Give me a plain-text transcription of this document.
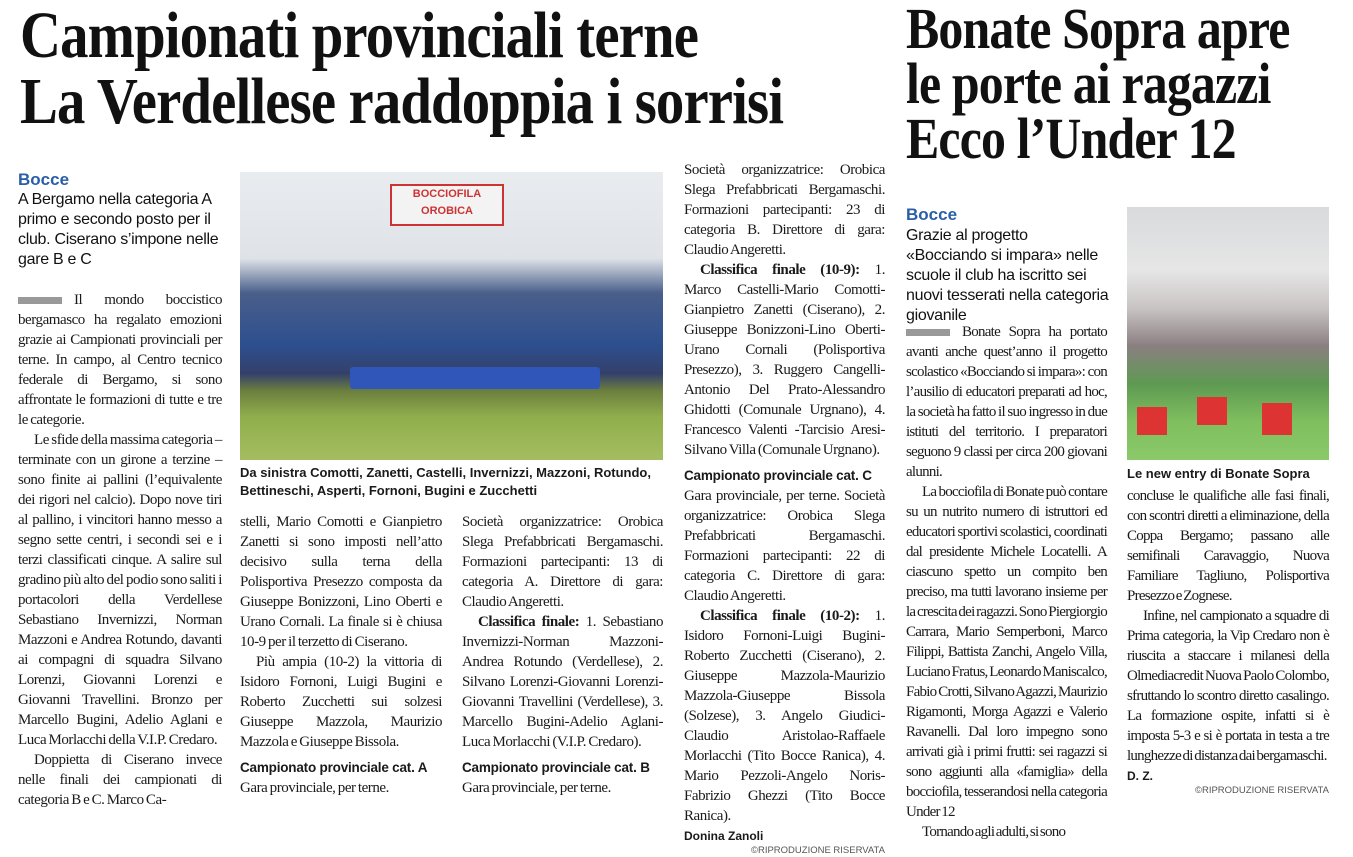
Campionati provinciali terne
La Verdellese raddoppia i sorrisi
Bocce
A Bergamo nella categoria A primo e secondo posto per il club. Ciserano s’impone nelle gare B e C

Il mondo boccistico bergamasco ha regalato emozioni grazie ai Campionati provinciali per terne. In campo, al Centro tecnico federale di Bergamo, si sono affrontate le formazioni di tutte e tre le categorie.

Le sfide della massima categoria – terminate con un girone a terzine – sono finite ai pallini (l’equivalente dei rigori nel calcio). Dopo nove tiri al pallino, i vincitori hanno messo a segno sette centri, i secondi sei e i terzi classificati cinque. A salire sul gradino più alto del podio sono saliti i portacolori della Verdellese Sebastiano Invernizzi, Norman Mazzoni e Andrea Rotundo, davanti ai compagni di squadra Silvano Lorenzi, Giovanni Lorenzi e Giovanni Travellini. Bronzo per Marcello Bugini, Adelio Aglani e Luca Morlacchi della V.I.P. Credaro.

Doppietta di Ciserano invece nelle finali dei campionati di categoria B e C. Marco Ca-

BOCCIOFILA OROBICA
Da sinistra Comotti, Zanetti, Castelli, Invernizzi, Mazzoni, Rotundo, Bettineschi, Asperti, Fornoni, Bugini e Zucchetti

stelli, Mario Comotti e Gianpietro Zanetti si sono imposti nell’atto decisivo sulla terna della Polisportiva Presezzo composta da Giuseppe Bonizzoni, Lino Oberti e Urano Cornali. La finale si è chiusa 10-9 per il terzetto di Ciserano.

Più ampia (10-2) la vittoria di Isidoro Fornoni, Luigi Bugini e Roberto Zucchetti sui solzesi Giuseppe Mazzola, Maurizio Mazzola e Giuseppe Bissola.

Campionato provinciale cat. A

Gara provinciale, per terne.

Società organizzatrice: Orobica Slega Prefabbricati Bergamaschi. Formazioni partecipanti: 13 di categoria A. Direttore di gara: Claudio Angeretti.

Classifica finale: 1. Sebastiano Invernizzi-Norman Mazzoni-Andrea Rotundo (Verdellese), 2. Silvano Lorenzi-Giovanni Lorenzi-Giovanni Travellini (Verdellese), 3. Marcello Bugini-Adelio Aglani-Luca Morlacchi (V.I.P. Credaro).

Campionato provinciale cat. B

Gara provinciale, per terne.

Società organizzatrice: Orobica Slega Prefabbricati Bergamaschi. Formazioni partecipanti: 23 di categoria B. Direttore di gara: Claudio Angeretti.

Classifica finale (10-9): 1. Marco Castelli-Mario Comotti-Gianpietro Zanetti (Ciserano), 2. Giuseppe Bonizzoni-Lino Oberti-Urano Cornali (Polisportiva Presezzo), 3. Ruggero Cangelli-Antonio Del Prato-Alessandro Ghidotti (Comunale Urgnano), 4. Francesco Valenti -Tarcisio Aresi-Silvano Villa (Comunale Urgnano).

Campionato provinciale cat. C

Gara provinciale, per terne. Società organizzatrice: Orobica Slega Prefabbricati Bergamaschi. Formazioni partecipanti: 22 di categoria C. Direttore di gara: Claudio Angeretti.

Classifica finale (10-2): 1. Isidoro Fornoni-Luigi Bugini-Roberto Zucchetti (Ciserano), 2. Giuseppe Mazzola-Maurizio Mazzola-Giuseppe Bissola (Solzese), 3. Angelo Giudici-Claudio Aristolao-Raffaele Morlacchi (Tito Bocce Ranica), 4. Mario Pezzoli-Angelo Noris-Fabrizio Ghezzi (Tito Bocce Ranica).

Donina Zanoli
©RIPRODUZIONE RISERVATA
Bonate Sopra apre
le porte ai ragazzi
Ecco l’Under 12
Bocce
Grazie al progetto «Bocciando si impara» nelle scuole il club ha iscritto sei nuovi tesserati nella categoria giovanile

Bonate Sopra ha portato avanti anche quest’anno il progetto scolastico «Bocciando si impara»: con l’ausilio di educatori preparati ad hoc, la società ha fatto il suo ingresso in due istituti del territorio. I preparatori seguono 9 classi per circa 200 giovani alunni.

La bocciofila di Bonate può contare su un nutrito numero di istruttori ed educatori sportivi scolastici, coordinati dal presidente Michele Locatelli. A ciascuno spetto un compito ben preciso, ma tutti lavorano insieme per la crescita dei ragazzi. Sono Piergiorgio Carrara, Mario Semperboni, Marco Filippi, Battista Zanchi, Angelo Villa, Luciano Fratus, Leonardo Maniscalco, Fabio Crotti, Silvano Agazzi, Maurizio Rigamonti, Morga Agazzi e Valerio Ravanelli. Dal loro impegno sono arrivati già i primi frutti: sei ragazzi si sono aggiunti alla «famiglia» della bocciofila, tesserandosi nella categoria Under 12

Tornando agli adulti, si sono

Le new entry di Bonate Sopra

concluse le qualifiche alle fasi finali, con scontri diretti a eliminazione, della Coppa Bergamo; passano alle semifinali Caravaggio, Nuova Familiare Tagliuno, Polisportiva Presezzo e Zognese.

Infine, nel campionato a squadre di Prima categoria, la Vip Credaro non è riuscita a staccare i milanesi della Olmediacredit Nuova Paolo Colombo, sfruttando lo scontro diretto casalingo. La formazione ospite, infatti si è imposta 5-3 e si è portata in testa a tre lunghezze di distanza dai bergamaschi.

D. Z.
©RIPRODUZIONE RISERVATA
